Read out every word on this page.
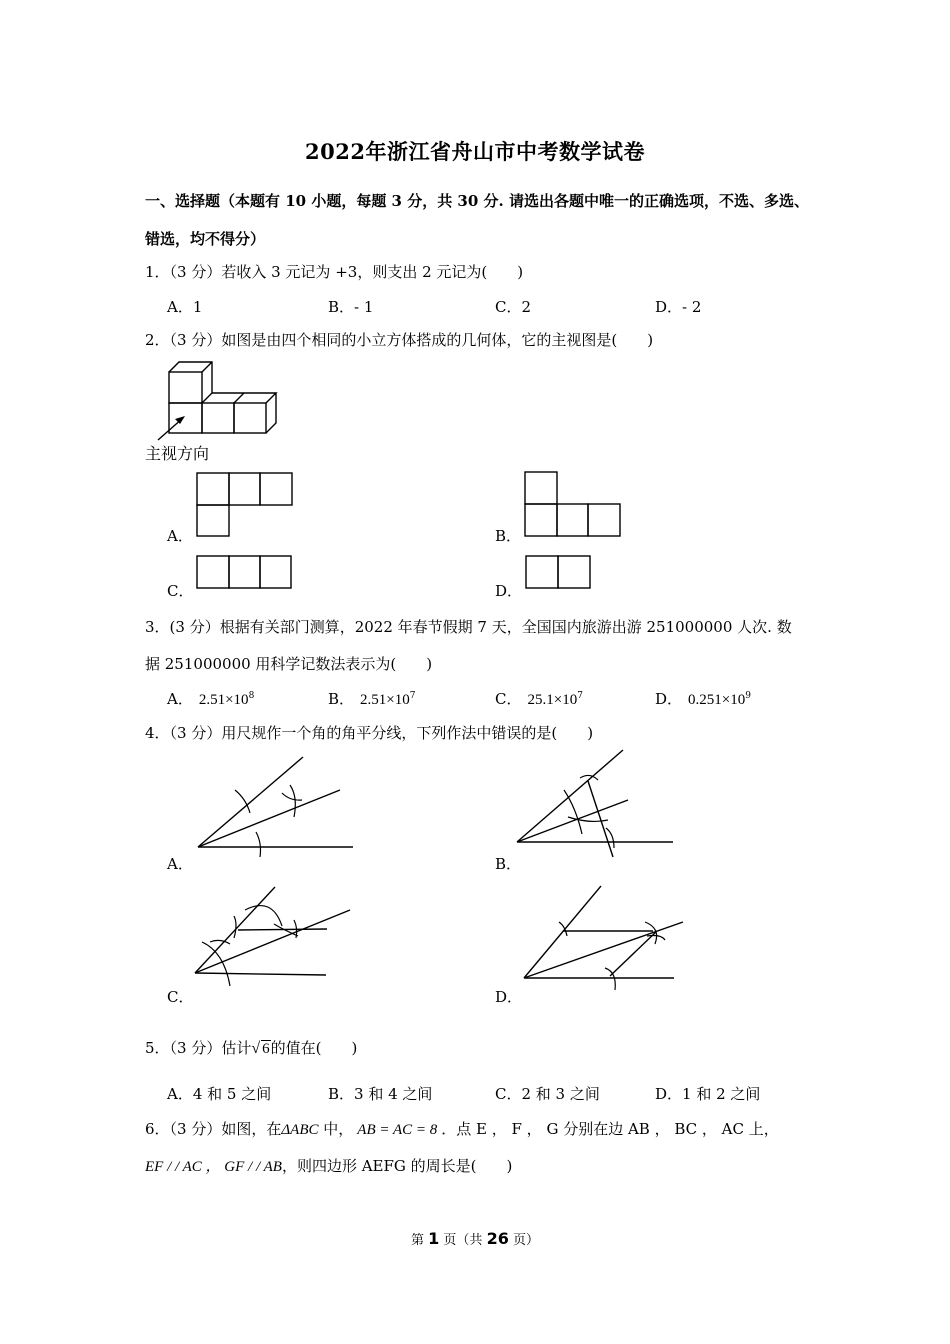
2022年浙江省舟山市中考数学试卷
一、选择题（本题有 10 小题，每题 3 分，共 30 分. 请选出各题中唯一的正确选项，不选、多选、
错选，均不得分）
1．（3 分）若收入 3 元记为 +3，则支出 2 元记为(　　)
A．1	B．- 1	C．2	D．- 2
2．（3 分）如图是由四个相同的小立方体搭成的几何体，它的主视图是(　　)
主视方向
A．	B．
C．	D．
3．(3 分）根据有关部门测算，2022 年春节假期 7 天，全国国内旅游出游 251000000 人次. 数
据 251000000 用科学记数法表示为(　　)
A． $2.51\times 10^8$	B． $2.51\times 10^7$	C． $25.1\times 10^7$	D． $0.251\times 10^9$
4．（3 分）用尺规作一个角的角平分线，下列作法中错误的是(　　)
A．	B．
C．	D．
5．（3 分）估计√ 6的值在(　　)
A．4 和 5 之间	B．3 和 4 之间	C．2 和 3 之间	D．1 和 2 之间
6．（3 分）如图，在ΔABC 中， AB = AC = 8 ．点 E ， F ， G 分别在边 AB ， BC ， AC 上，
EF / / AC ， GF / / AB，则四边形 AEFG 的周长是(　　)
第 1 页（共 26 页）
